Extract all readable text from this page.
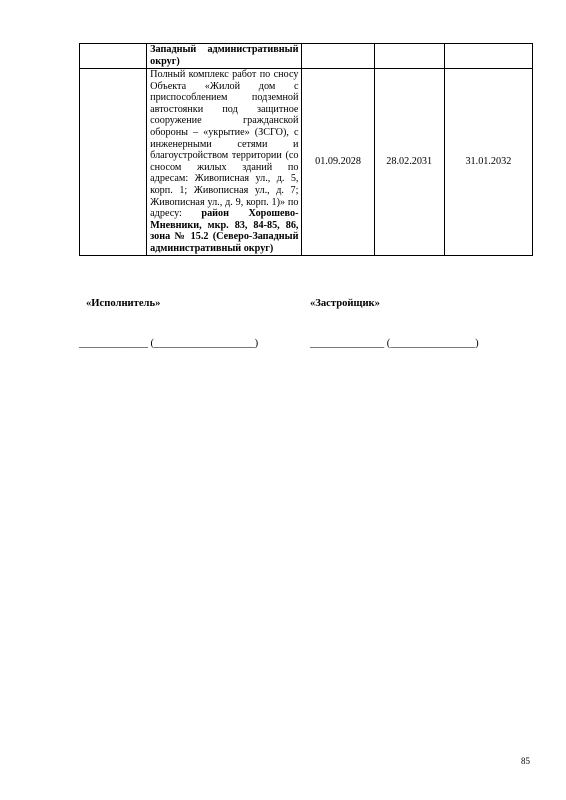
	Западный административный округ)			
	Полный комплекс работ по сносу Объекта «Жилой дом с приспособлением подземной автостоянки под защитное сооружение гражданской обороны – «укрытие» (ЗСГО), с инженерными сетями и благоустройством территории (со сносом жилых зданий по адресам: Живописная ул., д. 5, корп. 1; Живописная ул., д. 7; Живописная ул., д. 9, корп. 1)» по адресу: район Хорошево-Мневники, мкр. 83, 84-85, 86, зона № 15.2 (Северо-Западный административный округ)	01.09.2028	28.02.2031	31.01.2032
«Исполнитель»	«Застройщик»
_____________ (___________________)	______________ (________________)
85
